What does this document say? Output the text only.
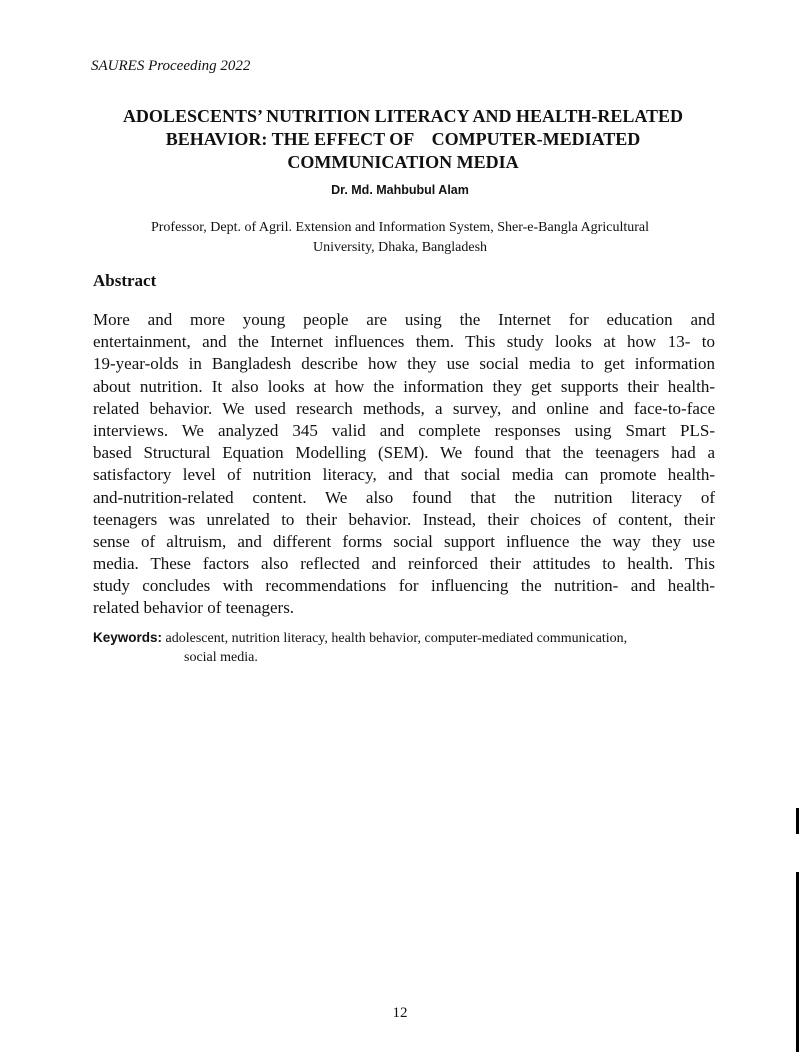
SAURES Proceeding 2022
ADOLESCENTS’ NUTRITION LITERACY AND HEALTH-RELATED
BEHAVIOR: THE EFFECT OF    COMPUTER-MEDIATED
COMMUNICATION MEDIA
Dr. Md. Mahbubul Alam
Professor, Dept. of Agril. Extension and Information System, Sher-e-Bangla Agricultural
University, Dhaka, Bangladesh
Abstract
More and more young people are using the Internet for education and
entertainment, and the Internet influences them. This study looks at how 13- to
19-year-olds in Bangladesh describe how they use social media to get information
about nutrition. It also looks at how the information they get supports their health-
related behavior. We used research methods, a survey, and online and face-to-face
interviews. We analyzed 345 valid and complete responses using Smart PLS-
based Structural Equation Modelling (SEM). We found that the teenagers had a
satisfactory level of nutrition literacy, and that social media can promote health-
and-nutrition-related content. We also found that the nutrition literacy of
teenagers was unrelated to their behavior. Instead, their choices of content, their
sense of altruism, and different forms social support influence the way they use
media. These factors also reflected and reinforced their attitudes to health. This
study concludes with recommendations for influencing the nutrition- and health-
related behavior of teenagers.
Keywords: adolescent, nutrition literacy, health behavior, computer-mediated communication,
social media.
12
